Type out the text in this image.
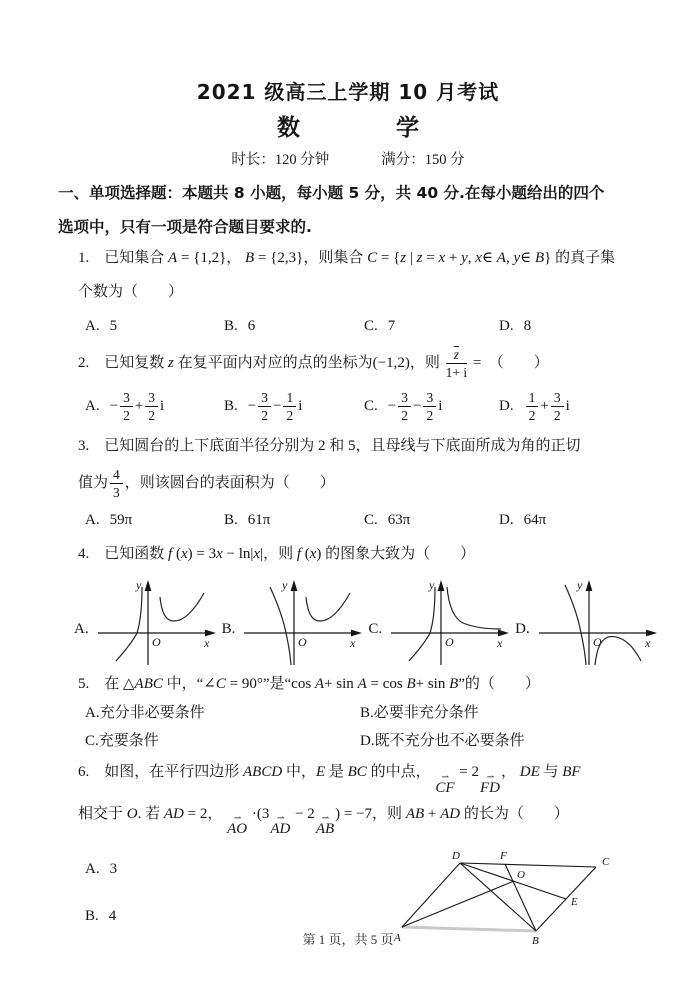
2021 级高三上学期 10 月考试

数	学

时长：120 分钟	满分：150 分

一、单项选择题：本题共 8 小题，每小题 5 分，共 40 分.在每小题给出的四个

选项中，只有一项是符合题目要求的.

1.　已知集合 A = {1,2}， B = {2,3}，则集合 C = {z | z = x + y, x∈ A, y∈ B} 的真子集

个数为（　　）

A. 5	B. 6	C. 7	D. 8

2.　已知复数 z 在复平面内对应的点的坐标为(−1,2)，则 $\frac{\overline{z}}{1+ i}$ =　（　　）

A. − $\frac{3}{2} + \frac{3}{2}$ i	B. − $\frac{3}{2} - \frac{1}{2}$ i	C. − $\frac{3}{2} - \frac{3}{2}$ i	D. $\frac{1}{2} + \frac{3}{2}$ i

3.　已知圆台的上下底面半径分别为 2 和 5，且母线与下底面所成为角的正切

值为 $\frac{4}{3}$ ，则该圆台的表面积为（　　）

A. 59π	B. 61π	C. 63π	D. 64π

4.　已知函数 f (x) = 3x − ln|x|，则 f (x) 的图象大致为（　　）

A.
y
x
O
B.
y
x
O
C.
y
x
O
D.
y
O	x

5.　在 △ABC 中，“∠C = 90°”是“cos A+ sin A = cos B+ sin B”的（　　）

A.充分非必要条件	B.必要非充分条件
C.充要条件	D.既不充分也不必要条件

6.　如图，在平行四边形 ABCD 中，E 是 BC 的中点， ⇀
CF
= 2 ⇀
FD
， DE 与 BF

相交于 O. 若 AD = 2， ⇀
AO
·(3 ⇀
AD
− 2 ⇀
AB
) = −7，则 AB + AD 的长为（　　）

A. 3

B. 4

A	B
C
D
E
F
O

第 1 页，共 5 页
